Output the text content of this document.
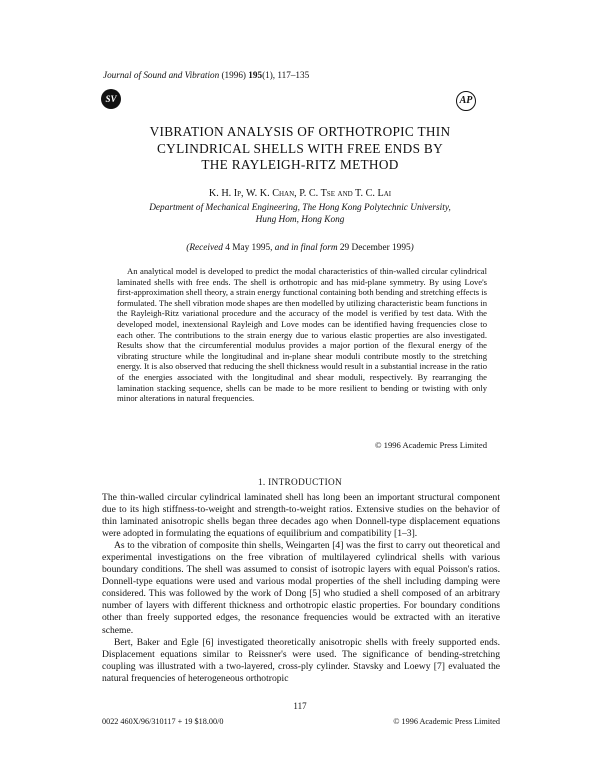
Journal of Sound and Vibration (1996) 195(1), 117–135
SV	AP
VIBRATION ANALYSIS OF ORTHOTROPIC THIN
CYLINDRICAL SHELLS WITH FREE ENDS BY
THE RAYLEIGH-RITZ METHOD
K. H. Ip, W. K. Chan, P. C. Tse and T. C. Lai
Department of Mechanical Engineering, The Hong Kong Polytechnic University,
Hung Hom, Hong Kong
(Received 4 May 1995, and in final form 29 December 1995)
An analytical model is developed to predict the modal characteristics of thin-walled circular cylindrical laminated shells with free ends. The shell is orthotropic and has mid-plane symmetry. By using Love's first-approximation shell theory, a strain energy functional containing both bending and stretching effects is formulated. The shell vibration mode shapes are then modelled by utilizing characteristic beam functions in the Rayleigh-Ritz variational procedure and the accuracy of the model is verified by test data. With the developed model, inextensional Rayleigh and Love modes can be identified having frequencies close to each other. The contributions to the strain energy due to various elastic properties are also investigated. Results show that the circumferential modulus provides a major portion of the flexural energy of the vibrating structure while the longitudinal and in-plane shear moduli contribute mostly to the stretching energy. It is also observed that reducing the shell thickness would result in a substantial increase in the ratio of the energies associated with the longitudinal and shear moduli, respectively. By rearranging the lamination stacking sequence, shells can be made to be more resilient to bending or twisting with only minor alterations in natural frequencies.
© 1996 Academic Press Limited
1. INTRODUCTION

The thin-walled circular cylindrical laminated shell has long been an important structural component due to its high stiffness-to-weight and strength-to-weight ratios. Extensive studies on the behavior of thin laminated anisotropic shells began three decades ago when Donnell-type displacement equations were adopted in formulating the equations of equilibrium and compatibility [1–3].

As to the vibration of composite thin shells, Weingarten [4] was the first to carry out theoretical and experimental investigations on the free vibration of multilayered cylindrical shells with various boundary conditions. The shell was assumed to consist of isotropic layers with equal Poisson's ratios. Donnell-type equations were used and various modal properties of the shell including damping were considered. This was followed by the work of Dong [5] who studied a shell composed of an arbitrary number of layers with different thickness and orthotropic elastic properties. For boundary conditions other than freely supported edges, the resonance frequencies would be extracted with an iterative scheme.

Bert, Baker and Egle [6] investigated theoretically anisotropic shells with freely supported ends. Displacement equations similar to Reissner's were used. The significance of bending-stretching coupling was illustrated with a two-layered, cross-ply cylinder. Stavsky and Loewy [7] evaluated the natural frequencies of heterogeneous orthotropic

117
0022 460X/96/310117 + 19 $18.00/0	© 1996 Academic Press Limited
